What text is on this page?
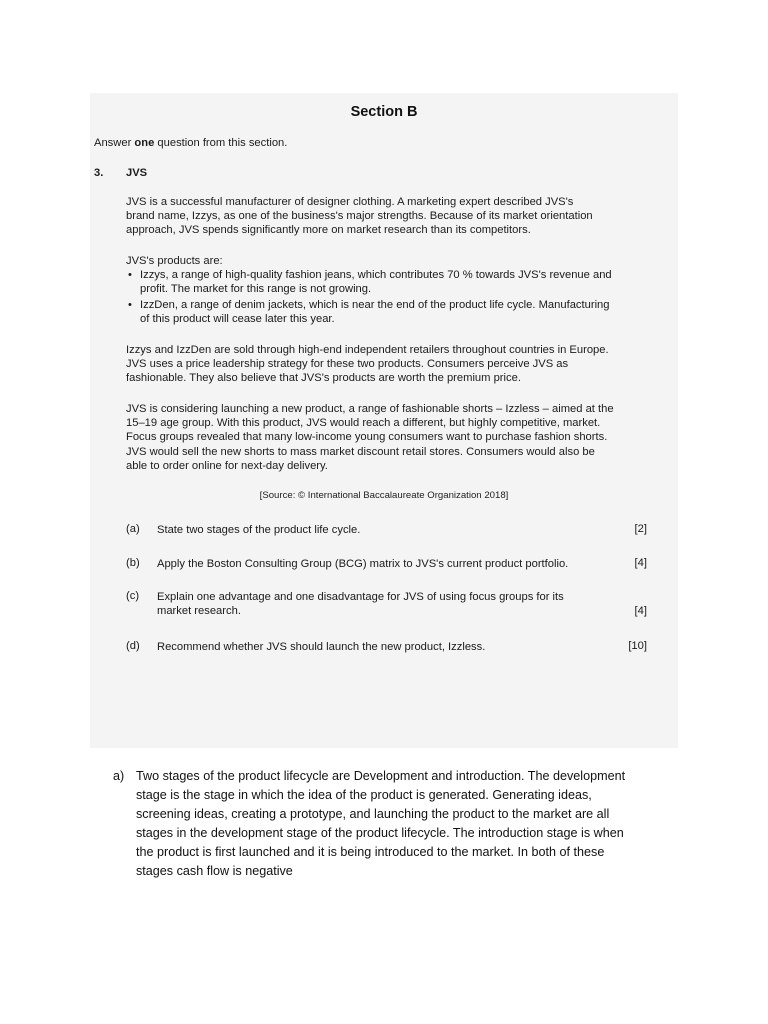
Section B
Answer one question from this section.
3. JVS
JVS is a successful manufacturer of designer clothing. A marketing expert described JVS's
brand name, Izzys, as one of the business's major strengths. Because of its market orientation
approach, JVS spends significantly more on market research than its competitors.
JVS's products are:
• Izzys, a range of high-quality fashion jeans, which contributes 70 % towards JVS's revenue and
profit. The market for this range is not growing.
• IzzDen, a range of denim jackets, which is near the end of the product life cycle. Manufacturing
of this product will cease later this year.
Izzys and IzzDen are sold through high-end independent retailers throughout countries in Europe.
JVS uses a price leadership strategy for these two products. Consumers perceive JVS as
fashionable. They also believe that JVS's products are worth the premium price.
JVS is considering launching a new product, a range of fashionable shorts – Izzless – aimed at the
15–19 age group. With this product, JVS would reach a different, but highly competitive, market.
Focus groups revealed that many low-income young consumers want to purchase fashion shorts.
JVS would sell the new shorts to mass market discount retail stores. Consumers would also be
able to order online for next-day delivery.
[Source: © International Baccalaureate Organization 2018]
(a) State two stages of the product life cycle.	[2]
(b) Apply the Boston Consulting Group (BCG) matrix to JVS's current product portfolio.	[4]
(c) Explain one advantage and one disadvantage for JVS of using focus groups for its
market research.	[4]
(d) Recommend whether JVS should launch the new product, Izzless.	[10]
a) Two stages of the product lifecycle are Development and introduction. The development
stage is the stage in which the idea of the product is generated. Generating ideas,
screening ideas, creating a prototype, and launching the product to the market are all
stages in the development stage of the product lifecycle. The introduction stage is when
the product is first launched and it is being introduced to the market. In both of these
stages cash flow is negative
